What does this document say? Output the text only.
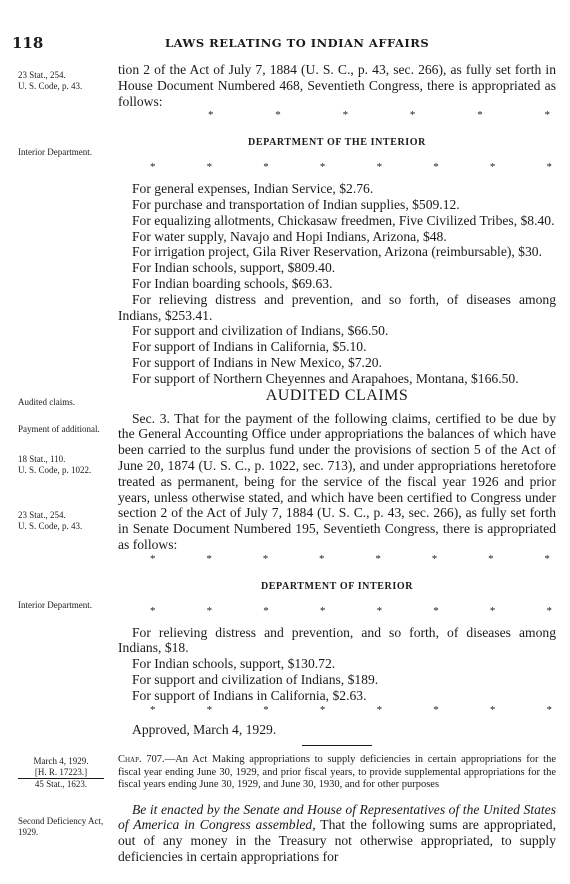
118	LAWS RELATING TO INDIAN AFFAIRS
23 Stat., 254.
U. S. Code, p. 43.
Interior Department.
Audited claims.
Payment of additional.
18 Stat., 110.
U. S. Code, p. 1022.
23 Stat., 254.
U. S. Code, p. 43.
Interior Department.
March 4, 1929.
[H. R. 17223.]
45 Stat., 1623.
Second Deficiency Act, 1929.
tion 2 of the Act of July 7, 1884 (U. S. C., p. 43, sec. 266), as fully set forth in House Document Numbered 468, Seventieth Congress, there is appropriated as follows:
*	*	*	*	*	*
DEPARTMENT OF THE INTERIOR
*	*	*	*	*	*	*	*
For general expenses, Indian Service, $2.76.
For purchase and transportation of Indian supplies, $509.12.
For equalizing allotments, Chickasaw freedmen, Five Civilized Tribes, $8.40.
For water supply, Navajo and Hopi Indians, Arizona, $48.
For irrigation project, Gila River Reservation, Arizona (reimbursable), $30.
For Indian schools, support, $809.40.
For Indian boarding schools, $69.63.
For relieving distress and prevention, and so forth, of diseases among Indians, $253.41.
For support and civilization of Indians, $66.50.
For support of Indians in California, $5.10.
For support of Indians in New Mexico, $7.20.
For support of Northern Cheyennes and Arapahoes, Montana, $166.50.
AUDITED CLAIMS
Sec. 3. That for the payment of the following claims, certified to be due by the General Accounting Office under appropriations the balances of which have been carried to the surplus fund under the provisions of section 5 of the Act of June 20, 1874 (U. S. C., p. 1022, sec. 713), and under appropriations heretofore treated as permanent, being for the service of the fiscal year 1926 and prior years, unless otherwise stated, and which have been certified to Congress under section 2 of the Act of July 7, 1884 (U. S. C., p. 43, sec. 266), as fully set forth in Senate Document Numbered 195, Seventieth Congress, there is appropriated as follows:
*	*	*	*	*	*	*	*
DEPARTMENT OF INTERIOR
*	*	*	*	*	*	*	*
For relieving distress and prevention, and so forth, of diseases among Indians, $18.
For Indian schools, support, $130.72.
For support and civilization of Indians, $189.
For support of Indians in California, $2.63.
*	*	*	*	*	*	*	*
Approved, March 4, 1929.
Chap. 707.—An Act Making appropriations to supply deficiencies in certain appropriations for the fiscal year ending June 30, 1929, and prior fiscal years, to provide supplemental appropriations for the fiscal years ending June 30, 1929, and June 30, 1930, and for other purposes
Be it enacted by the Senate and House of Representatives of the United States of America in Congress assembled, That the following sums are appropriated, out of any money in the Treasury not otherwise appropriated, to supply deficiencies in certain appropriations for
